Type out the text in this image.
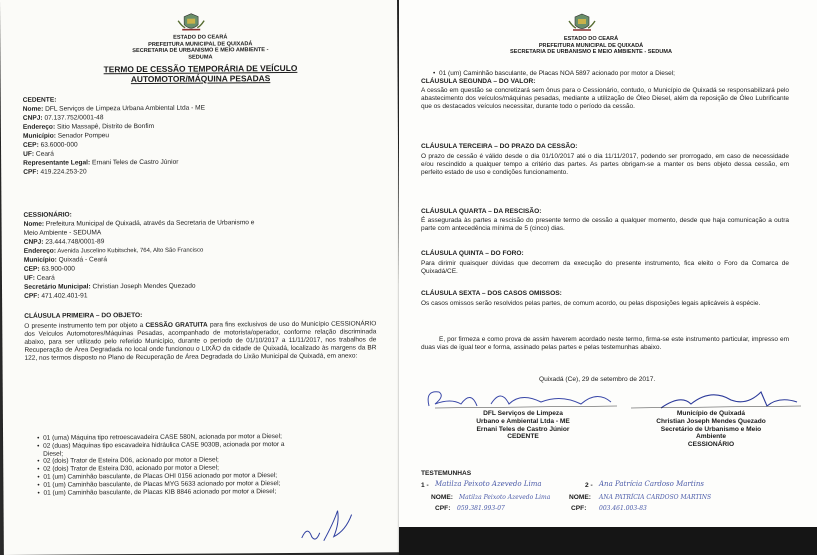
ESTADO DO CEARÁ
PREFEITURA MUNICIPAL DE QUIXADÁ
SECRETARIA DE URBANISMO E MEIO AMBIENTE - SEDUMA
TERMO DE CESSÃO TEMPORÁRIA DE VEÍCULO
AUTOMOTOR/MÁQUINA PESADAS
CEDENTE:
Nome: DFL Serviços de Limpeza Urbana Ambiental Ltda - ME
CNPJ: 07.137.752/0001-48
Endereço: Sitio Massapê, Distrito de Bonfim
Município: Senador Pompeu
CEP: 63.6000-000
UF: Ceará
Representante Legal: Ernani Teles de Castro Júnior
CPF: 419.224.253-20
CESSIONÁRIO:
Nome: Prefeitura Municipal de Quixadá, através da Secretaria de Urbanismo e
Meio Ambiente - SEDUMA
CNPJ: 23.444.748/0001-89
Endereço: Avenida Juscelino Kubitschek, 764, Alto São Francisco
Município: Quixadá - Ceará
CEP: 63.900-000
UF: Ceará
Secretário Municipal: Christian Joseph Mendes Quezado
CPF: 471.402.401-91
CLÁUSULA PRIMEIRA – DO OBJETO:
O presente instrumento tem por objeto a CESSÃO GRATUITA para fins exclusivos de uso do Município CESSIONÁRIO dos Veículos Automotores/Máquinas Pesadas, acompanhado de motorista/operador, conforme relação discriminada abaixo, para ser utilizado pelo referido Município, durante o período de 01/10/2017 a 11/11/2017, nos trabalhos de Recuperação de Área Degradada no local onde funcionou o LIXÃO da cidade de Quixadá, localizado às margens da BR 122, nos termos disposto no Plano de Recuperação de Área Degradada do Lixão Municipal de Quixadá, em anexo:
• 01 (uma) Máquina tipo retroescavadeira CASE 580N, acionada por motor a Diesel;
• 02 (duas) Máquinas tipo escavadeira hidráulica CASE 9030B, acionada por motor a
Diesel;
• 02 (dois) Trator de Esteira D06, acionado por motor a Diesel;
• 02 (dois) Trator de Esteira D30, acionado por motor a Diesel;
• 01 (um) Caminhão basculante, de Placas OHI 0156 acionado por motor a Diesel;
• 01 (um) Caminhão basculante, de Placas MYG 5633 acionado por motor a Diesel;
• 01 (um) Caminhão basculante, de Placas KIB 8846 acionado por motor a Diesel;
ESTADO DO CEARÁ
PREFEITURA MUNICIPAL DE QUIXADÁ
SECRETARIA DE URBANISMO E MEIO AMBIENTE - SEDUMA
• 01 (um) Caminhão basculante, de Placas NOA 5897 acionado por motor a Diesel;
CLÁUSULA SEGUNDA – DO VALOR:
A cessão em questão se concretizará sem ônus para o Cessionário, contudo, o Município de Quixadá se responsabilizará pelo abastecimento dos veículos/máquinas pesadas, mediante a utilização de Óleo Diesel, além da reposição de Óleo Lubrificante que os destacados veículos necessitar, durante todo o período da cessão.
CLÁUSULA TERCEIRA – DO PRAZO DA CESSÃO:
O prazo de cessão é válido desde o dia 01/10/2017 até o dia 11/11/2017, podendo ser prorrogado, em caso de necessidade e/ou rescindido a qualquer tempo a critério das partes. As partes obrigam-se a manter os bens objeto dessa cessão, em perfeito estado de uso e condições funcionamento.
CLÁUSULA QUARTA – DA RESCISÃO:
É assegurada às partes a rescisão do presente termo de cessão a qualquer momento, desde que haja comunicação a outra parte com antecedência mínima de 5 (cinco) dias.
CLÁUSULA QUINTA – DO FORO:
Para dirimir quaisquer dúvidas que decorrem da execução do presente instrumento, fica eleito o Foro da Comarca de Quixadá/CE.
CLÁUSULA SEXTA – DOS CASOS OMISSOS:
Os casos omissos serão resolvidos pelas partes, de comum acordo, ou pelas disposições legais aplicáveis à espécie.
E, por firmeza e como prova de assim haverem acordado neste termo, firma-se este instrumento particular, impresso em duas vias de igual teor e forma, assinado pelas partes e pelas testemunhas abaixo.
Quixadá (Ce), 29 de setembro de 2017.
DFL Serviços de Limpeza
Urbano e Ambiental Ltda - ME
Ernani Teles de Castro Júnior
CEDENTE
Município de Quixadá
Christian Joseph Mendes Quezado
Secretário de Urbanismo e Meio
Ambiente
CESSIONÁRIO
TESTEMUNHAS
1 - Matilza Peixoto Azevedo Lima	2 - Ana Patrícia Cardoso Martins
NOME: Matilza Peixoto Azevedo Lima	NOME: ANA PATRÍCIA CARDOSO MARTINS
CPF: 059.381.993-07	CPF: 003.461.003-83
